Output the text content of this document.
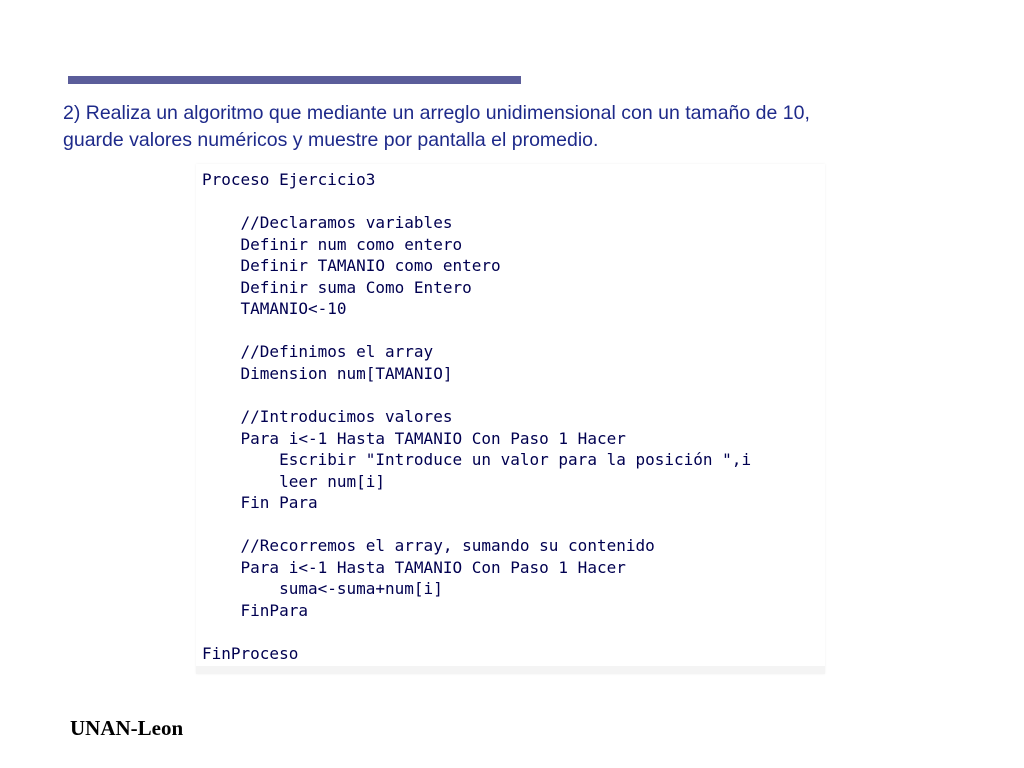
2) Realiza un algoritmo que mediante un arreglo unidimensional con un tamaño de 10,
guarde valores numéricos y muestre por pantalla el promedio.
Proceso Ejercicio3
//Declaramos variables
Definir num como entero
Definir TAMANIO como entero
Definir suma Como Entero
TAMANIO<-10
//Definimos el array
Dimension num[TAMANIO]
//Introducimos valores
Para i<-1 Hasta TAMANIO Con Paso 1 Hacer
Escribir "Introduce un valor para la posición ",i
leer num[i]
Fin Para
//Recorremos el array, sumando su contenido
Para i<-1 Hasta TAMANIO Con Paso 1 Hacer
suma<-suma+num[i]
FinPara
FinProceso
UNAN-Leon
